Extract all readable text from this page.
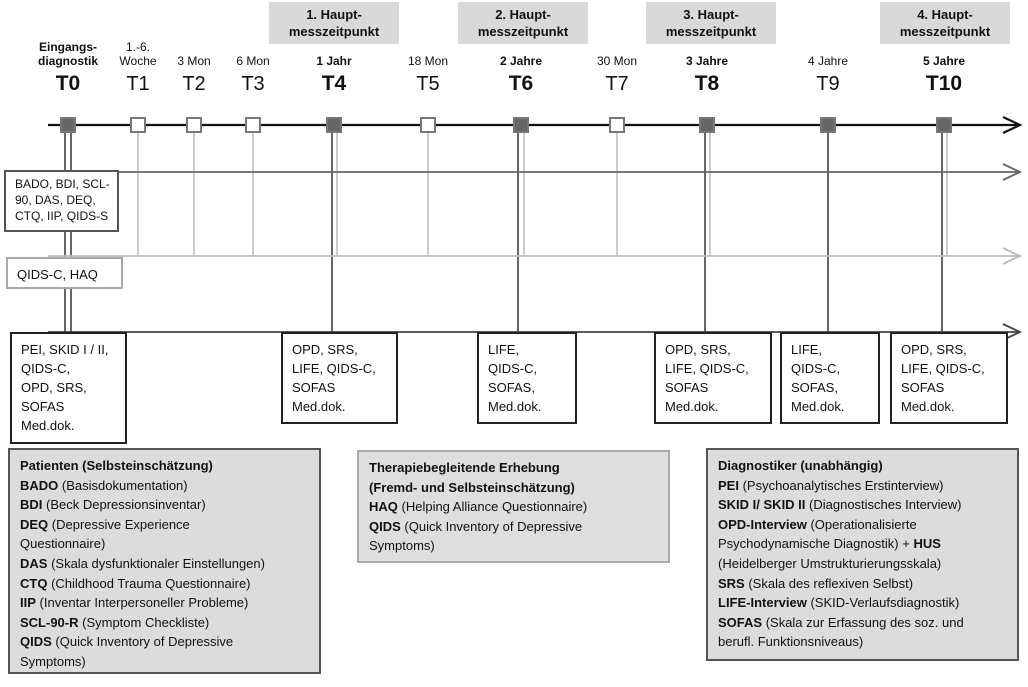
1. Haupt-
messzeitpunkt
2. Haupt-
messzeitpunkt
3. Haupt-
messzeitpunkt
4. Haupt-
messzeitpunkt
Eingangs-
diagnostik
T0
1.-6.
Woche
T1
3 Mon
T2
6 Mon
T3
1 Jahr
T4
18 Mon
T5
2 Jahre
T6
30 Mon
T7
3 Jahre
T8
4 Jahre
T9
5 Jahre
T10
BADO, BDI, SCL-
90, DAS, DEQ,
CTQ, IIP, QIDS-S
QIDS-C, HAQ
PEI, SKID I / II,
QIDS-C,
OPD, SRS,
SOFAS
Med.dok.
OPD, SRS,
LIFE, QIDS-C,
SOFAS
Med.dok.
LIFE,
QIDS-C,
SOFAS,
Med.dok.
OPD, SRS,
LIFE, QIDS-C,
SOFAS
Med.dok.
LIFE,
QIDS-C,
SOFAS,
Med.dok.
OPD, SRS,
LIFE, QIDS-C,
SOFAS
Med.dok.
Patienten (Selbsteinschätzung)
BADO (Basisdokumentation)
BDI (Beck Depressionsinventar)
DEQ (Depressive Experience
Questionnaire)
DAS (Skala dysfunktionaler Einstellungen)
CTQ (Childhood Trauma Questionnaire)
IIP (Inventar Interpersoneller Probleme)
SCL-90-R (Symptom Checkliste)
QIDS (Quick Inventory of Depressive
Symptoms)
Therapiebegleitende Erhebung
(Fremd- und Selbsteinschätzung)
HAQ (Helping Alliance Questionnaire)
QIDS (Quick Inventory of Depressive
Symptoms)
Diagnostiker (unabhängig)
PEI (Psychoanalytisches Erstinterview)
SKID I/ SKID II (Diagnostisches Interview)
OPD-Interview (Operationalisierte
Psychodynamische Diagnostik) + HUS
(Heidelberger Umstrukturierungsskala)
SRS (Skala des reflexiven Selbst)
LIFE-Interview (SKID-Verlaufsdiagnostik)
SOFAS (Skala zur Erfassung des soz. und
berufl. Funktionsniveaus)
